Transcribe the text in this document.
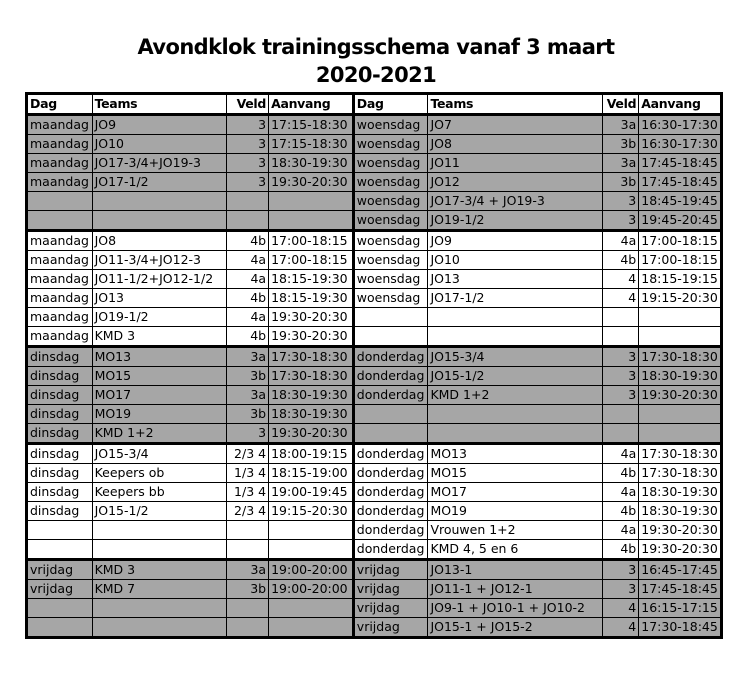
Avondklok trainingsschema vanaf 3 maart
2020-2021
Dag	Teams	Veld	Aanvang	Dag	Teams	Veld	Aanvang
maandag	JO9	3	17:15-18:30	woensdag	JO7	3a	16:30-17:30
maandag	JO10	3	17:15-18:30	woensdag	JO8	3b	16:30-17:30
maandag	JO17-3/4+JO19-3	3	18:30-19:30	woensdag	JO11	3a	17:45-18:45
maandag	JO17-1/2	3	19:30-20:30	woensdag	JO12	3b	17:45-18:45
				woensdag	JO17-3/4 + JO19-3	3	18:45-19:45
				woensdag	JO19-1/2	3	19:45-20:45
maandag	JO8	4b	17:00-18:15	woensdag	JO9	4a	17:00-18:15
maandag	JO11-3/4+JO12-3	4a	17:00-18:15	woensdag	JO10	4b	17:00-18:15
maandag	JO11-1/2+JO12-1/2	4a	18:15-19:30	woensdag	JO13	4	18:15-19:15
maandag	JO13	4b	18:15-19:30	woensdag	JO17-1/2	4	19:15-20:30
maandag	JO19-1/2	4a	19:30-20:30				
maandag	KMD 3	4b	19:30-20:30				
dinsdag	MO13	3a	17:30-18:30	donderdag	JO15-3/4	3	17:30-18:30
dinsdag	MO15	3b	17:30-18:30	donderdag	JO15-1/2	3	18:30-19:30
dinsdag	MO17	3a	18:30-19:30	donderdag	KMD 1+2	3	19:30-20:30
dinsdag	MO19	3b	18:30-19:30				
dinsdag	KMD 1+2	3	19:30-20:30				
dinsdag	JO15-3/4	2/3 4	18:00-19:15	donderdag	MO13	4a	17:30-18:30
dinsdag	Keepers ob	1/3 4	18:15-19:00	donderdag	MO15	4b	17:30-18:30
dinsdag	Keepers bb	1/3 4	19:00-19:45	donderdag	MO17	4a	18:30-19:30
dinsdag	JO15-1/2	2/3 4	19:15-20:30	donderdag	MO19	4b	18:30-19:30
				donderdag	Vrouwen 1+2	4a	19:30-20:30
				donderdag	KMD 4, 5 en 6	4b	19:30-20:30
vrijdag	KMD 3	3a	19:00-20:00	vrijdag	JO13-1	3	16:45-17:45
vrijdag	KMD 7	3b	19:00-20:00	vrijdag	JO11-1 + JO12-1	3	17:45-18:45
				vrijdag	JO9-1 + JO10-1 + JO10-2	4	16:15-17:15
				vrijdag	JO15-1 + JO15-2	4	17:30-18:45
